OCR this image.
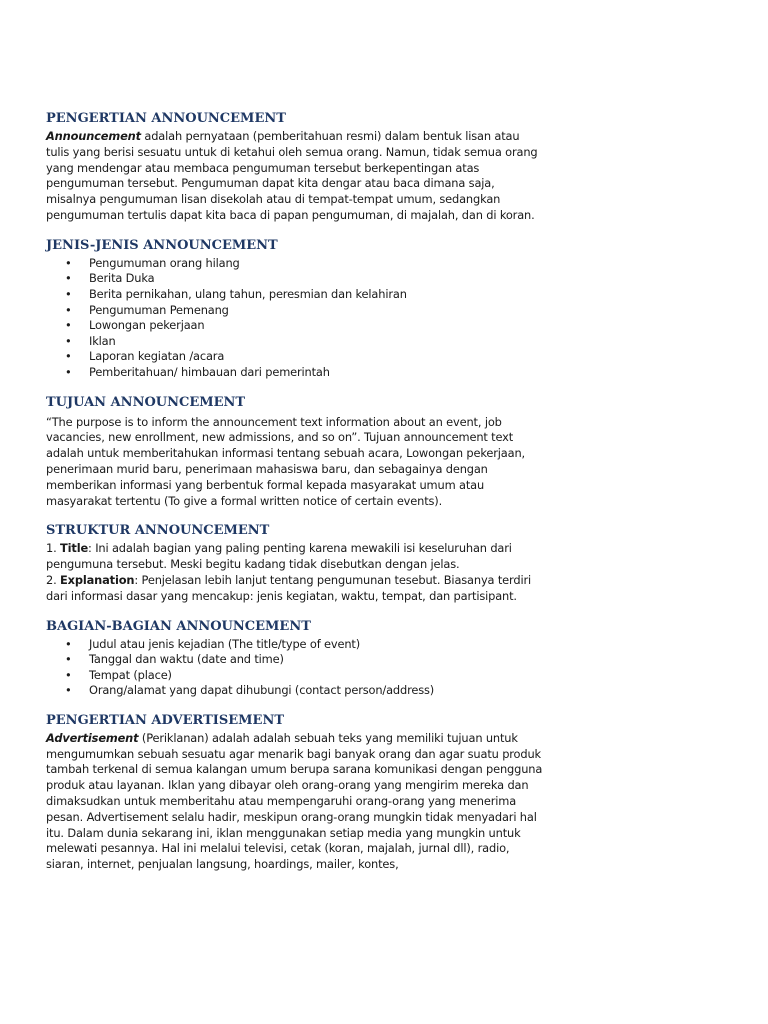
PENGERTIAN ANNOUNCEMENT

Announcement adalah pernyataan (pemberitahuan resmi) dalam bentuk lisan atau tulis yang berisi sesuatu untuk di ketahui oleh semua orang. Namun, tidak semua orang yang mendengar atau membaca pengumuman tersebut berkepentingan atas pengumuman tersebut. Pengumuman dapat kita dengar atau baca dimana saja, misalnya pengumuman lisan disekolah atau di tempat-tempat umum, sedangkan pengumuman tertulis dapat kita baca di papan pengumuman, di majalah, dan di koran.

JENIS-JENIS ANNOUNCEMENT
• Pengumuman orang hilang
• Berita Duka
• Berita pernikahan, ulang tahun, peresmian dan kelahiran
• Pengumuman Pemenang
• Lowongan pekerjaan
• Iklan
• Laporan kegiatan /acara
• Pemberitahuan/ himbauan dari pemerintah
TUJUAN ANNOUNCEMENT

“The purpose is to inform the announcement text information about an event, job vacancies, new enrollment, new admissions, and so on”. Tujuan announcement text adalah untuk memberitahukan informasi tentang sebuah acara, Lowongan pekerjaan, penerimaan murid baru, penerimaan mahasiswa baru, dan sebagainya dengan memberikan informasi yang berbentuk formal kepada masyarakat umum atau masyarakat tertentu (To give a formal written notice of certain events).

STRUKTUR ANNOUNCEMENT

1. Title: Ini adalah bagian yang paling penting karena mewakili isi keseluruhan dari pengumuna tersebut. Meski begitu kadang tidak disebutkan dengan jelas.

2. Explanation: Penjelasan lebih lanjut tentang pengumunan tesebut. Biasanya terdiri dari informasi dasar yang mencakup: jenis kegiatan, waktu, tempat, dan partisipant.

BAGIAN-BAGIAN ANNOUNCEMENT
• Judul atau jenis kejadian (The title/type of event)
• Tanggal dan waktu (date and time)
• Tempat (place)
• Orang/alamat yang dapat dihubungi (contact person/address)
PENGERTIAN ADVERTISEMENT

Advertisement (Periklanan) adalah adalah sebuah teks yang memiliki tujuan untuk mengumumkan sebuah sesuatu agar menarik bagi banyak orang dan agar suatu produk tambah terkenal di semua kalangan umum berupa sarana komunikasi dengan pengguna produk atau layanan. Iklan yang dibayar oleh orang-orang yang mengirim mereka dan dimaksudkan untuk memberitahu atau mempengaruhi orang-orang yang menerima pesan. Advertisement selalu hadir, meskipun orang-orang mungkin tidak menyadari hal itu. Dalam dunia sekarang ini, iklan menggunakan setiap media yang mungkin untuk melewati pesannya. Hal ini melalui televisi, cetak (koran, majalah, jurnal dll), radio, siaran, internet, penjualan langsung, hoardings, mailer, kontes,
